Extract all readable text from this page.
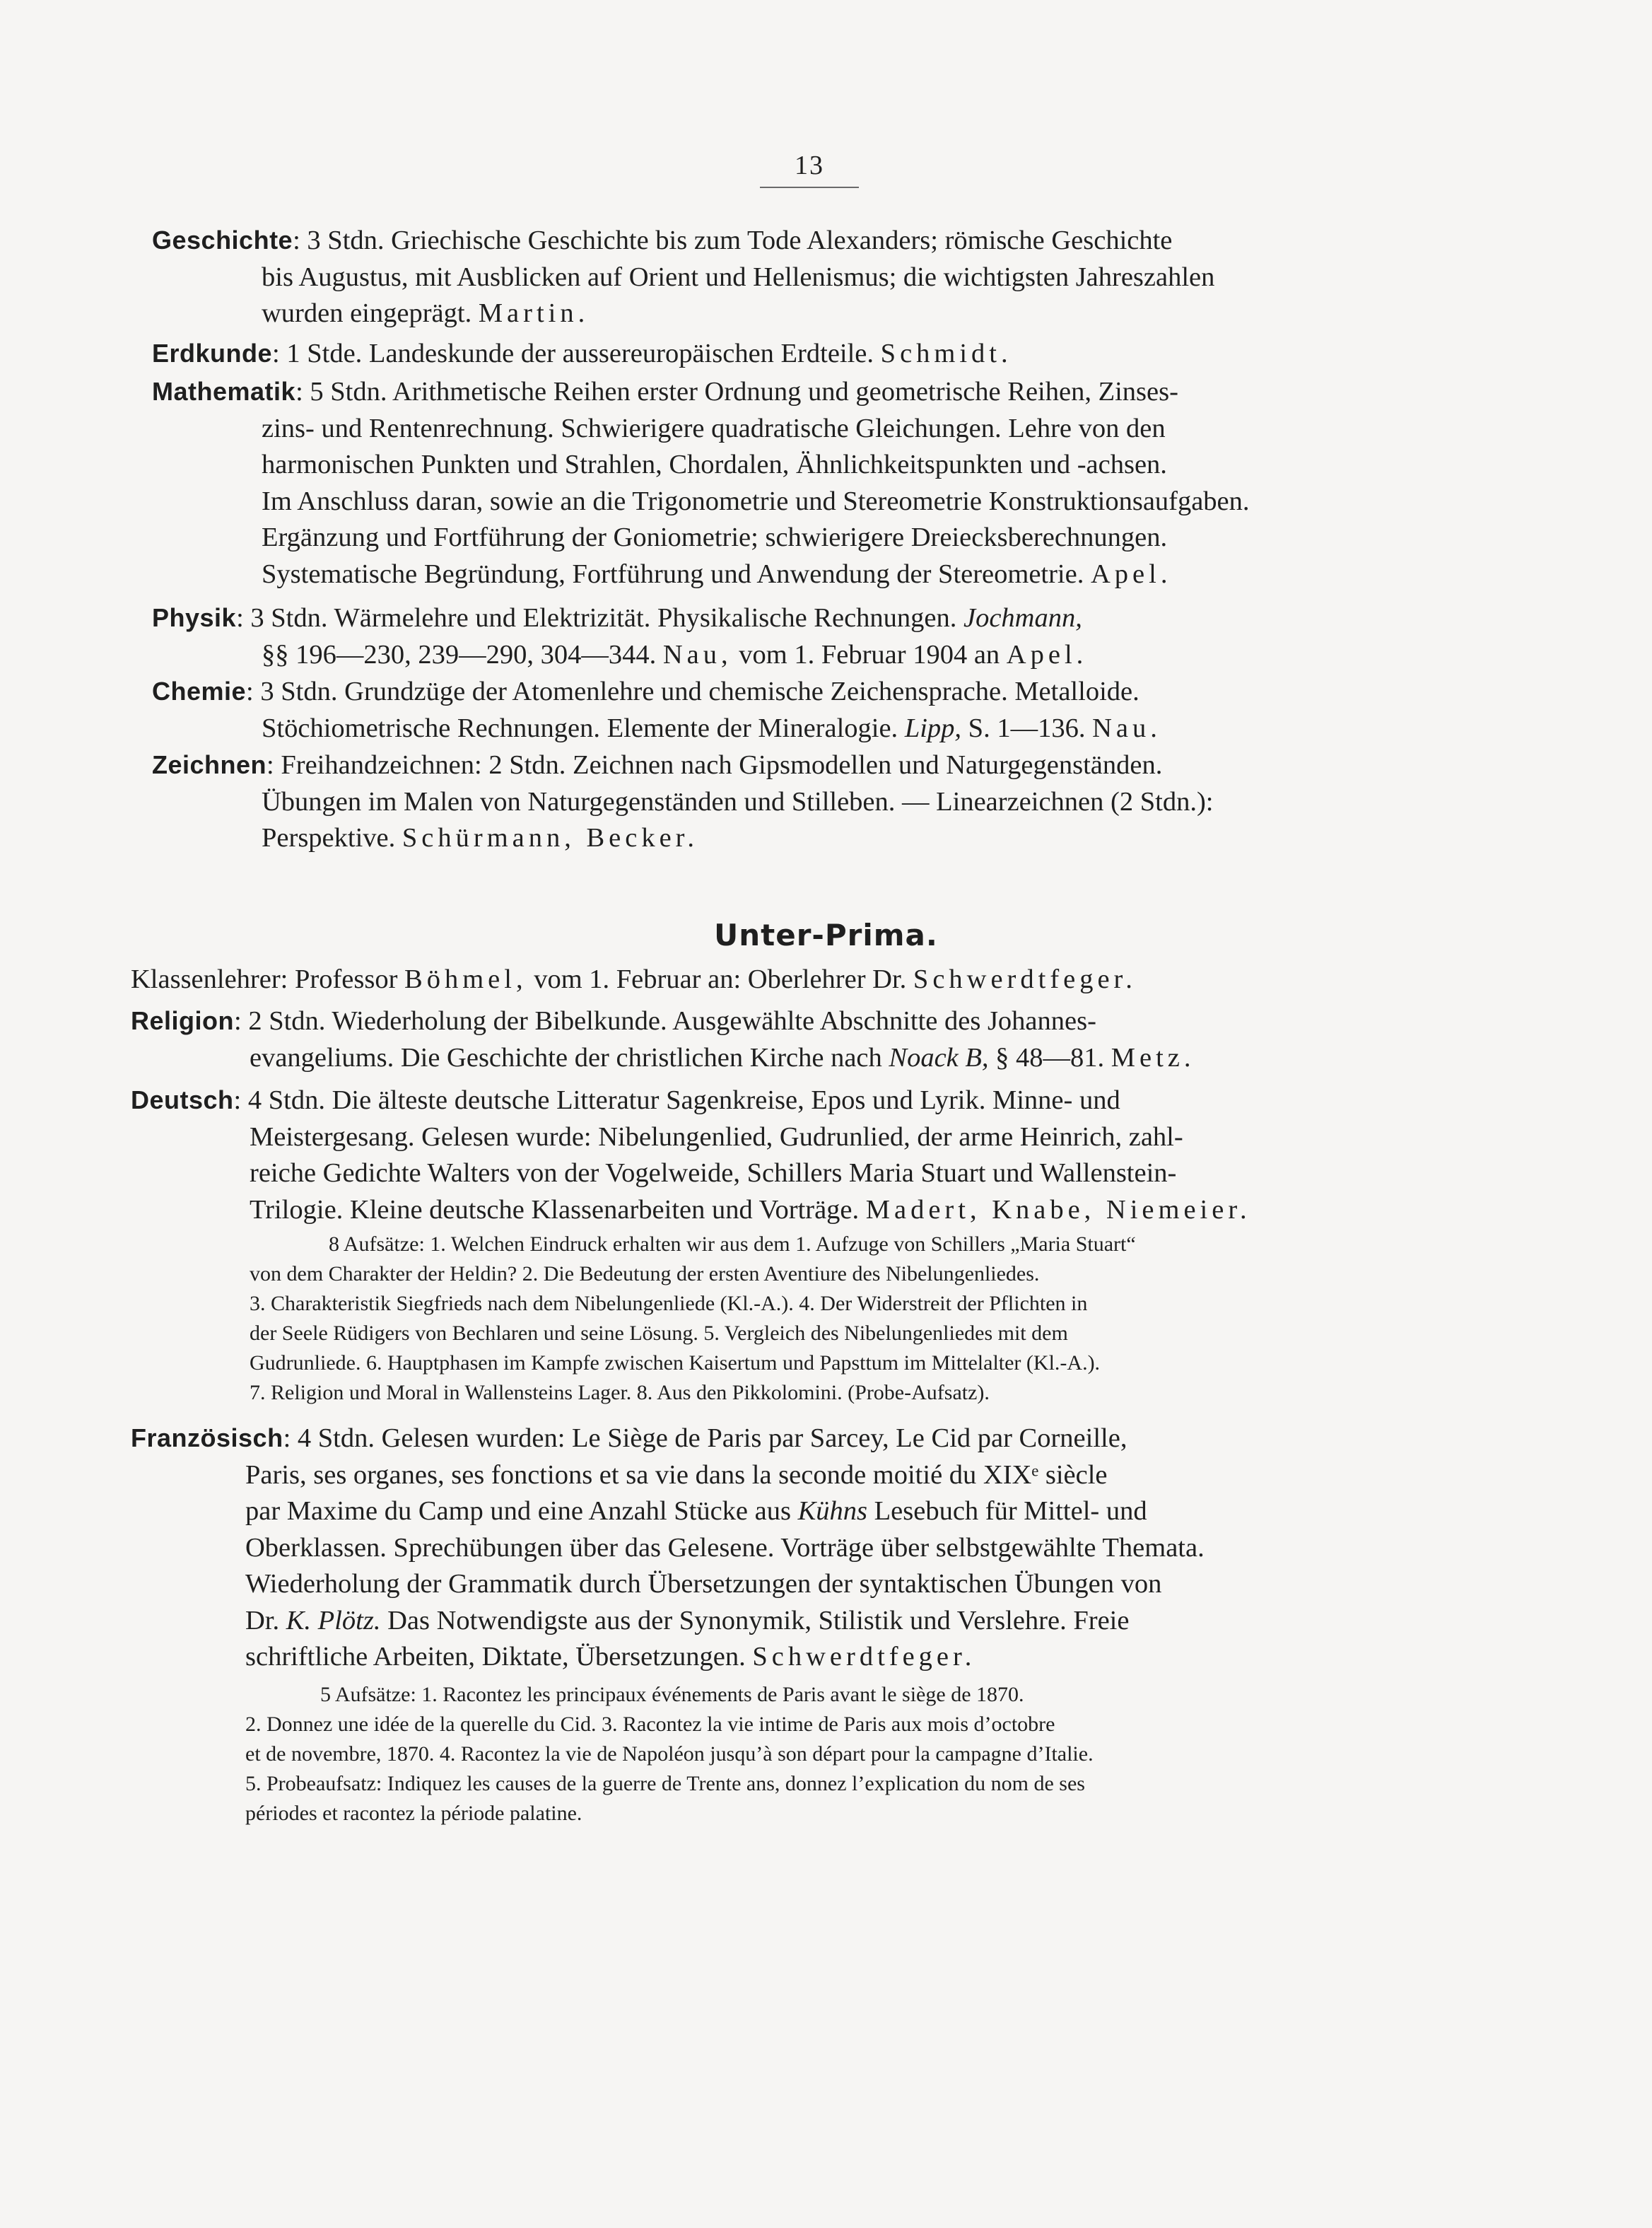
13
Geschichte: 3 Stdn. Griechische Geschichte bis zum Tode Alexanders; römische Geschichte
bis Augustus, mit Ausblicken auf Orient und Hellenismus; die wichtigsten Jahreszahlen
wurden eingeprägt. Martin.
Erdkunde: 1 Stde. Landeskunde der aussereuropäischen Erdteile. Schmidt.
Mathematik: 5 Stdn. Arithmetische Reihen erster Ordnung und geometrische Reihen, Zinses-
zins- und Rentenrechnung. Schwierigere quadratische Gleichungen. Lehre von den
harmonischen Punkten und Strahlen, Chordalen, Ähnlichkeitspunkten und -achsen.
Im Anschluss daran, sowie an die Trigonometrie und Stereometrie Konstruktionsaufgaben.
Ergänzung und Fortführung der Goniometrie; schwierigere Dreiecksberechnungen.
Systematische Begründung, Fortführung und Anwendung der Stereometrie. Apel.
Physik: 3 Stdn. Wärmelehre und Elektrizität. Physikalische Rechnungen. Jochmann,
§§ 196—230, 239—290, 304—344. Nau, vom 1. Februar 1904 an Apel.
Chemie: 3 Stdn. Grundzüge der Atomenlehre und chemische Zeichensprache. Metalloide.
Stöchiometrische Rechnungen. Elemente der Mineralogie. Lipp, S. 1—136. Nau.
Zeichnen: Freihandzeichnen: 2 Stdn. Zeichnen nach Gipsmodellen und Naturgegenständen.
Übungen im Malen von Naturgegenständen und Stilleben. — Linearzeichnen (2 Stdn.):
Perspektive. Schürmann, Becker.
Unter-Prima.
Klassenlehrer: Professor Böhmel, vom 1. Februar an: Oberlehrer Dr. Schwerdtfeger.
Religion: 2 Stdn. Wiederholung der Bibelkunde. Ausgewählte Abschnitte des Johannes-
evangeliums. Die Geschichte der christlichen Kirche nach Noack B, § 48—81. Metz.
Deutsch: 4 Stdn. Die älteste deutsche Litteratur Sagenkreise, Epos und Lyrik. Minne- und
Meistergesang. Gelesen wurde: Nibelungenlied, Gudrunlied, der arme Heinrich, zahl-
reiche Gedichte Walters von der Vogelweide, Schillers Maria Stuart und Wallenstein-
Trilogie. Kleine deutsche Klassenarbeiten und Vorträge. Madert, Knabe, Niemeier.
8 Aufsätze: 1. Welchen Eindruck erhalten wir aus dem 1. Aufzuge von Schillers „Maria Stuart“
von dem Charakter der Heldin? 2. Die Bedeutung der ersten Aventiure des Nibelungenliedes.
3. Charakteristik Siegfrieds nach dem Nibelungenliede (Kl.-A.). 4. Der Widerstreit der Pflichten in
der Seele Rüdigers von Bechlaren und seine Lösung. 5. Vergleich des Nibelungenliedes mit dem
Gudrunliede. 6. Hauptphasen im Kampfe zwischen Kaisertum und Papsttum im Mittelalter (Kl.-A.).
7. Religion und Moral in Wallensteins Lager. 8. Aus den Pikkolomini. (Probe-Aufsatz).
Französisch: 4 Stdn. Gelesen wurden: Le Siège de Paris par Sarcey, Le Cid par Corneille,
Paris, ses organes, ses fonctions et sa vie dans la seconde moitié du XIXᵉ siècle
par Maxime du Camp und eine Anzahl Stücke aus Kühns Lesebuch für Mittel- und
Oberklassen. Sprechübungen über das Gelesene. Vorträge über selbstgewählte Themata.
Wiederholung der Grammatik durch Übersetzungen der syntaktischen Übungen von
Dr. K. Plötz. Das Notwendigste aus der Synonymik, Stilistik und Verslehre. Freie
schriftliche Arbeiten, Diktate, Übersetzungen. Schwerdtfeger.
5 Aufsätze: 1. Racontez les principaux événements de Paris avant le siège de 1870.
2. Donnez une idée de la querelle du Cid. 3. Racontez la vie intime de Paris aux mois d’octobre
et de novembre, 1870. 4. Racontez la vie de Napoléon jusqu’à son départ pour la campagne d’Italie.
5. Probeaufsatz: Indiquez les causes de la guerre de Trente ans, donnez l’explication du nom de ses
périodes et racontez la période palatine.
